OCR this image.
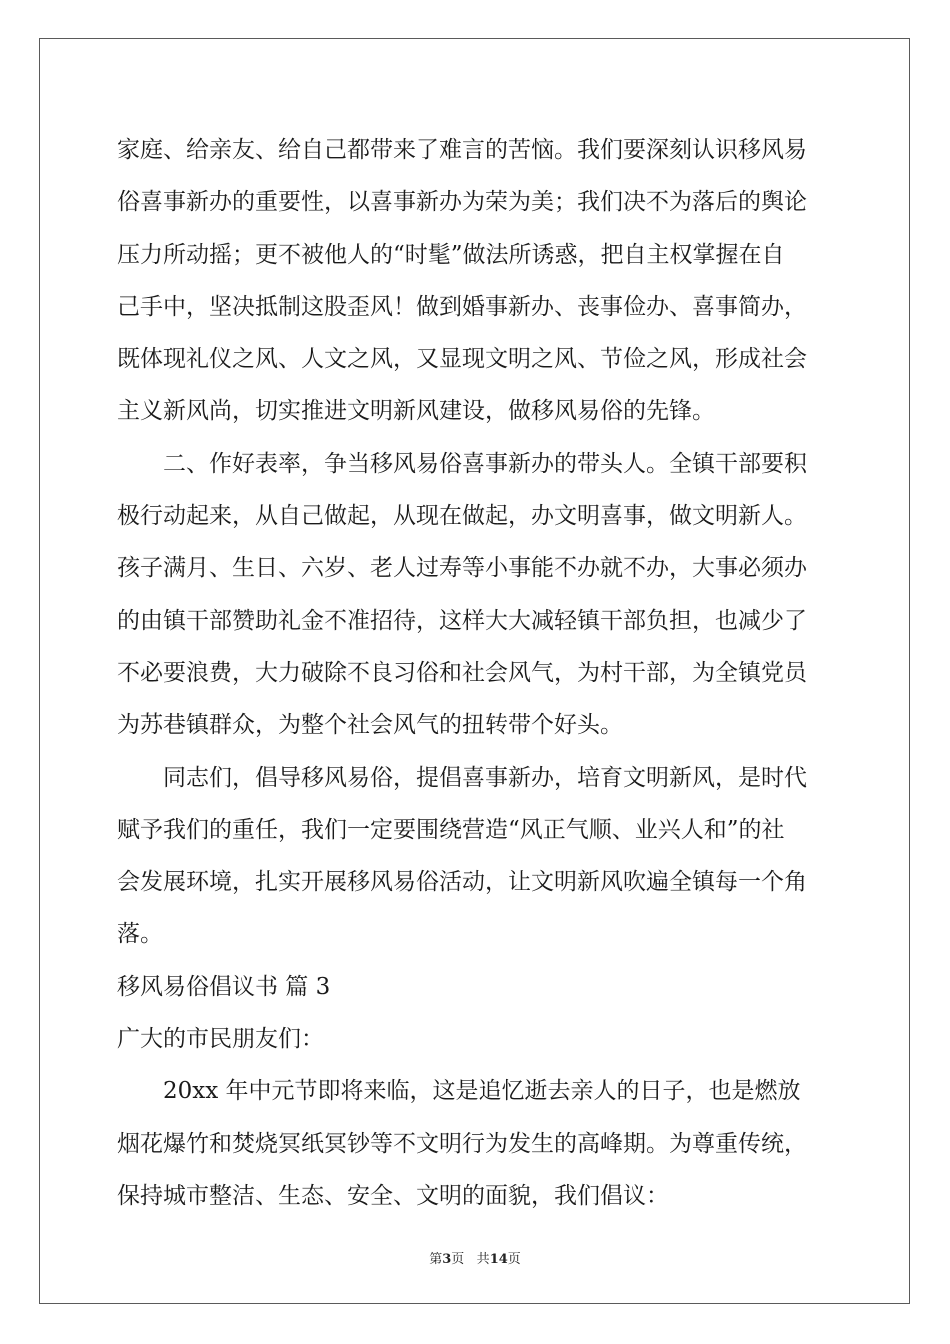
家庭、给亲友、给自己都带来了难言的苦恼。我们要深刻认识移风易
俗喜事新办的重要性，以喜事新办为荣为美；我们决不为落后的舆论
压力所动摇；更不被他人的“时髦”做法所诱惑，把自主权掌握在自
己手中，坚决抵制这股歪风！做到婚事新办、丧事俭办、喜事简办，
既体现礼仪之风、人文之风，又显现文明之风、节俭之风，形成社会
主义新风尚，切实推进文明新风建设，做移风易俗的先锋。
　　二、作好表率，争当移风易俗喜事新办的带头人。全镇干部要积
极行动起来，从自己做起，从现在做起，办文明喜事，做文明新人。
孩子满月、生日、六岁、老人过寿等小事能不办就不办，大事必须办
的由镇干部赞助礼金不准招待，这样大大减轻镇干部负担，也减少了
不必要浪费，大力破除不良习俗和社会风气，为村干部，为全镇党员
为苏巷镇群众，为整个社会风气的扭转带个好头。
　　同志们，倡导移风易俗，提倡喜事新办，培育文明新风，是时代
赋予我们的重任，我们一定要围绕营造“风正气顺、业兴人和”的社
会发展环境，扎实开展移风易俗活动，让文明新风吹遍全镇每一个角
落。
移风易俗倡议书 篇 3
广大的市民朋友们：
　　20xx 年中元节即将来临，这是追忆逝去亲人的日子，也是燃放
烟花爆竹和焚烧冥纸冥钞等不文明行为发生的高峰期。为尊重传统，
保持城市整洁、生态、安全、文明的面貌，我们倡议：
第3页 共14页
